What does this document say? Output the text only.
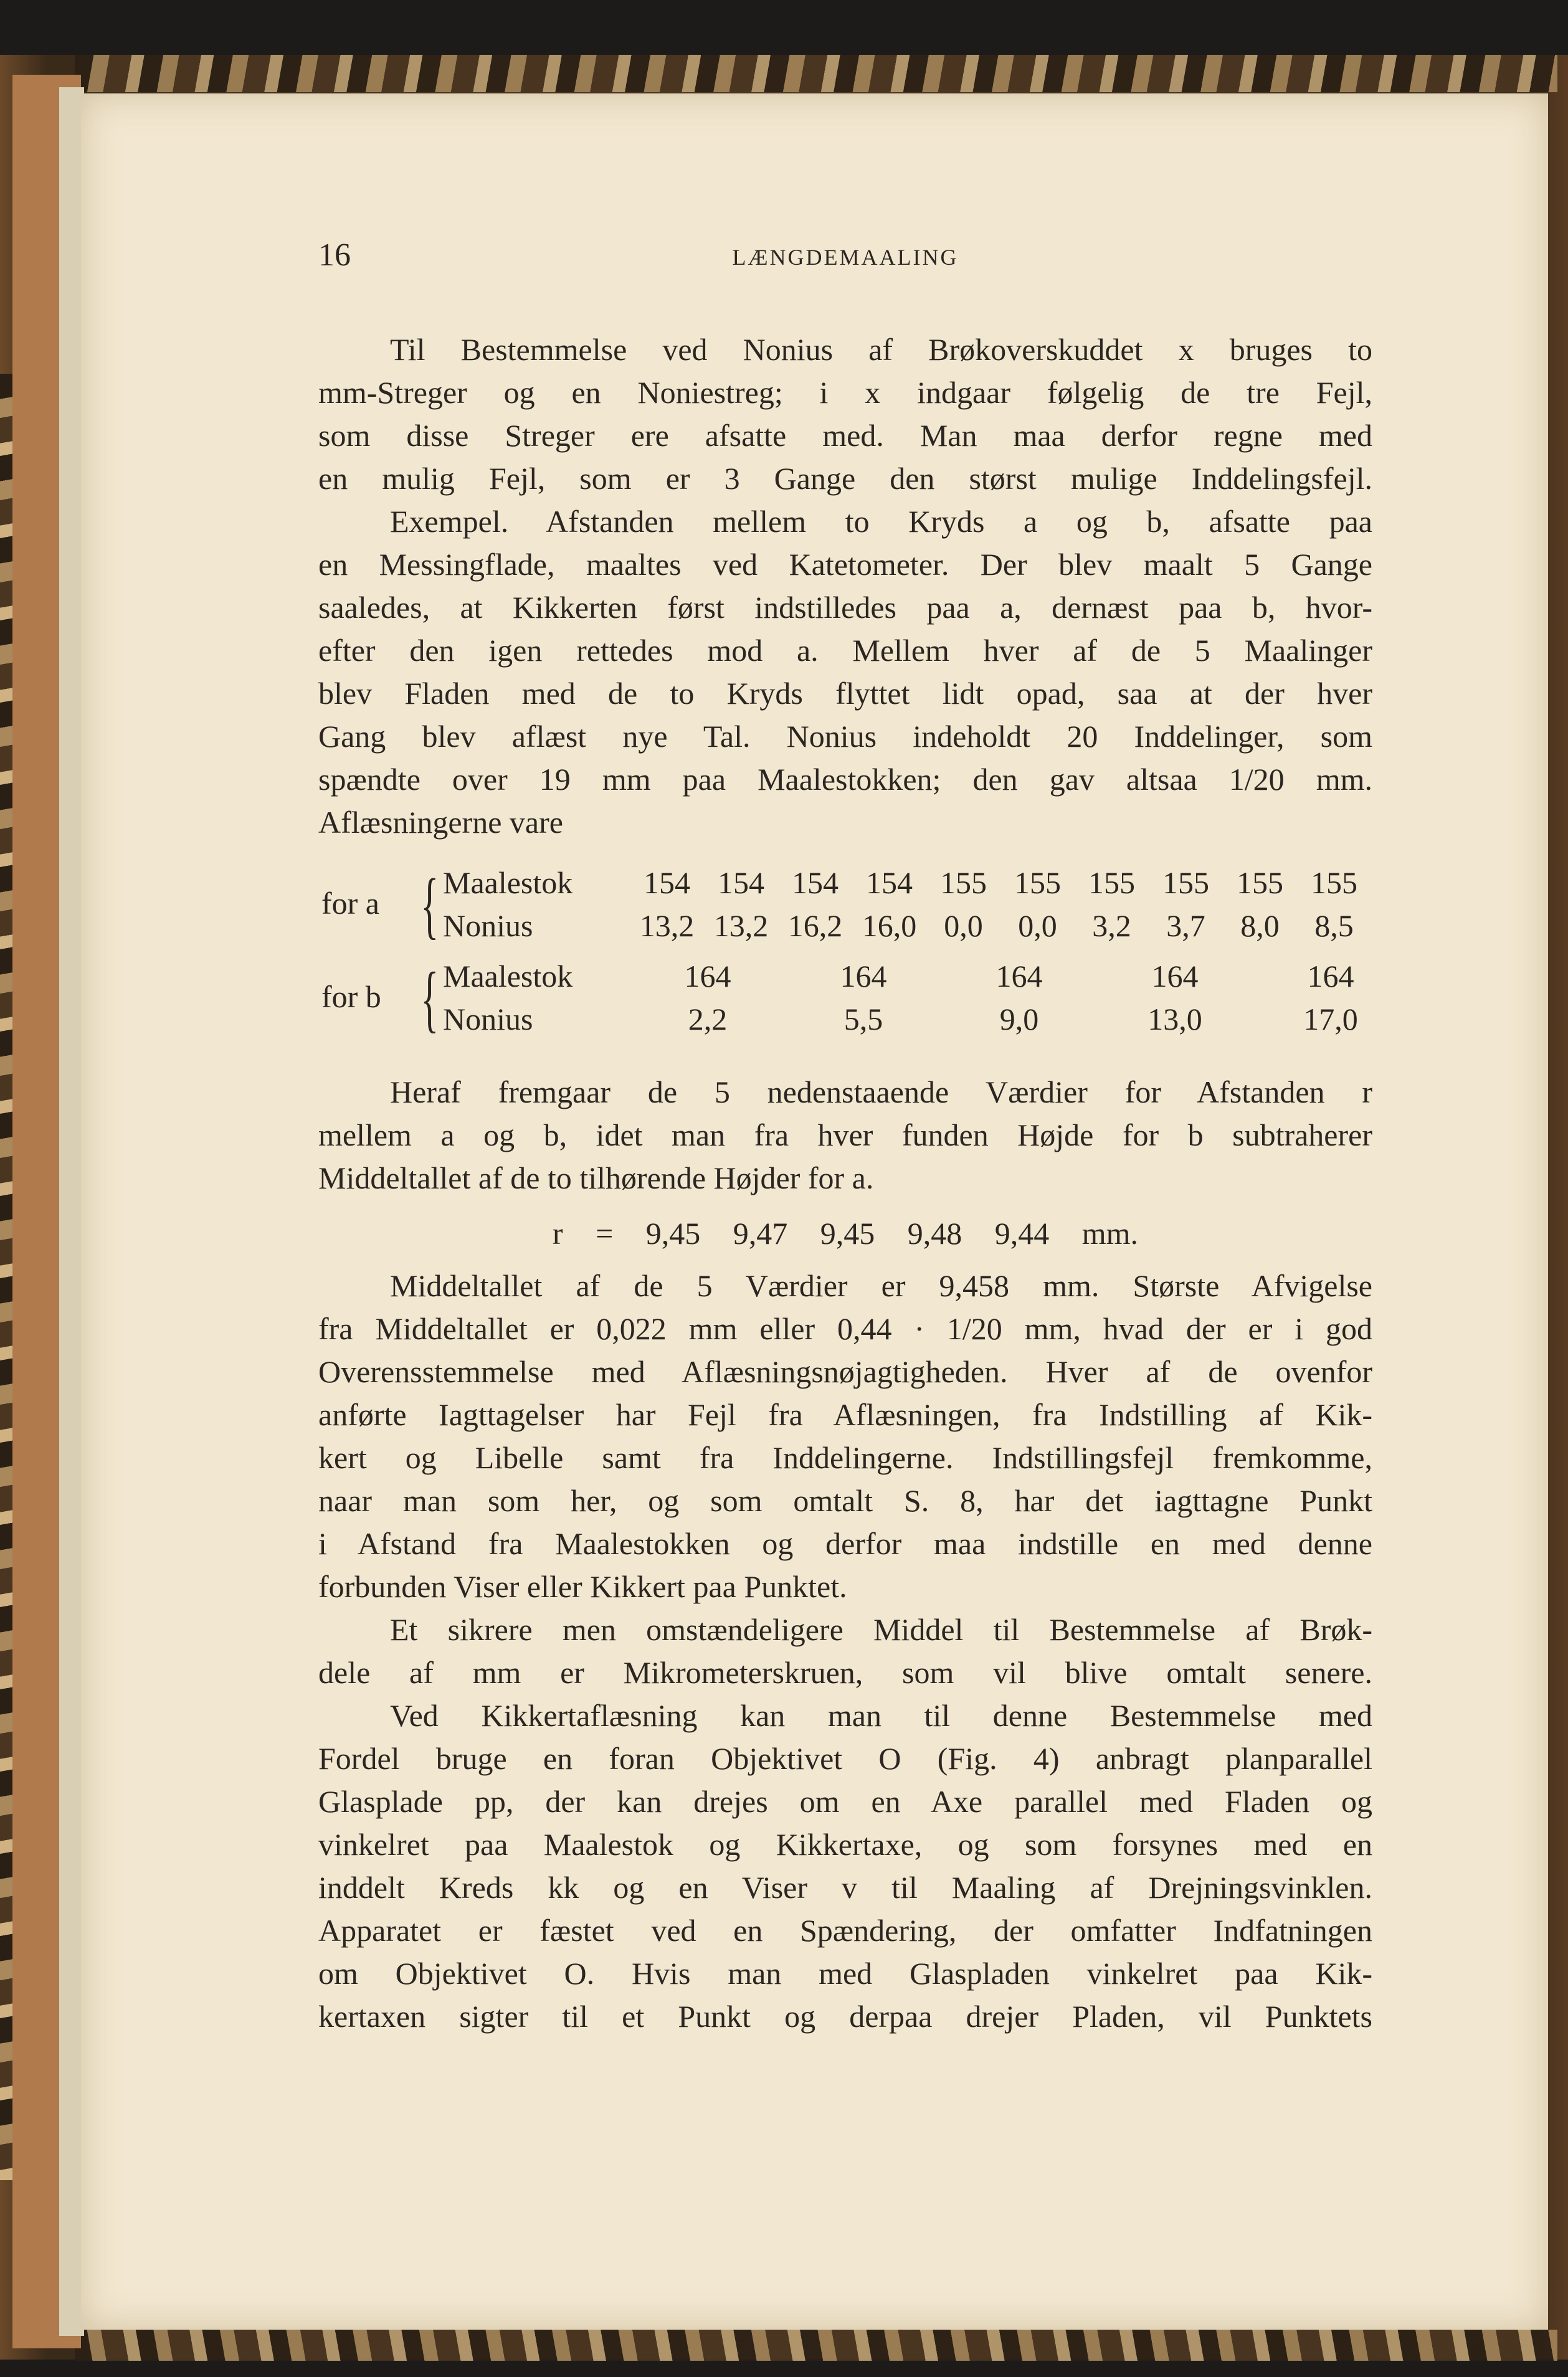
16	LÆNGDEMAALING
Til Bestemmelse ved Nonius af Brøkoverskuddet x bruges to
mm-Streger og en Noniestreg; i x indgaar følgelig de tre Fejl,
som disse Streger ere afsatte med. Man maa derfor regne med
en mulig Fejl, som er 3 Gange den størst mulige Inddelingsfejl.
Exempel. Afstanden mellem to Kryds a og b, afsatte paa
en Messingflade, maaltes ved Katetometer. Der blev maalt 5 Gange
saaledes, at Kikkerten først indstilledes paa a, dernæst paa b, hvor-
efter den igen rettedes mod a. Mellem hver af de 5 Maalinger
blev Fladen med de to Kryds flyttet lidt opad, saa at der hver
Gang blev aflæst nye Tal. Nonius indeholdt 20 Inddelinger, som
spændte over 19 mm paa Maalestokken; den gav altsaa 1/20 mm.
Aflæsningerne vare
for a { Maalestok	154 154 154 154 155 155 155 155 155 155
Nonius	13,2 13,2 16,2 16,0 0,0	0,0	3,2	3,7	8,0	8,5
for b { Maalestok	164	164	164	164	164
Nonius	2,2	5,5	9,0	13,0	17,0
Heraf fremgaar de 5 nedenstaaende Værdier for Afstanden r
mellem a og b, idet man fra hver funden Højde for b subtraherer
Middeltallet af de to tilhørende Højder for a.
r = 9,45 9,47 9,45 9,48 9,44 mm.
Middeltallet af de 5 Værdier er 9,458 mm. Største Afvigelse
fra Middeltallet er 0,022 mm eller 0,44 · 1/20 mm, hvad der er i god
Overensstemmelse med Aflæsningsnøjagtigheden. Hver af de ovenfor
anførte Iagttagelser har Fejl fra Aflæsningen, fra Indstilling af Kik-
kert og Libelle samt fra Inddelingerne. Indstillingsfejl fremkomme,
naar man som her, og som omtalt S. 8, har det iagttagne Punkt
i Afstand fra Maalestokken og derfor maa indstille en med denne
forbunden Viser eller Kikkert paa Punktet.
Et sikrere men omstændeligere Middel til Bestemmelse af Brøk-
dele af mm er Mikrometerskruen, som vil blive omtalt senere.
Ved Kikkertaflæsning kan man til denne Bestemmelse med
Fordel bruge en foran Objektivet O (Fig. 4) anbragt planparallel
Glasplade pp, der kan drejes om en Axe parallel med Fladen og
vinkelret paa Maalestok og Kikkertaxe, og som forsynes med en
inddelt Kreds kk og en Viser v til Maaling af Drejningsvinklen.
Apparatet er fæstet ved en Spændering, der omfatter Indfatningen
om Objektivet O. Hvis man med Glaspladen vinkelret paa Kik-
kertaxen sigter til et Punkt og derpaa drejer Pladen, vil Punktets
